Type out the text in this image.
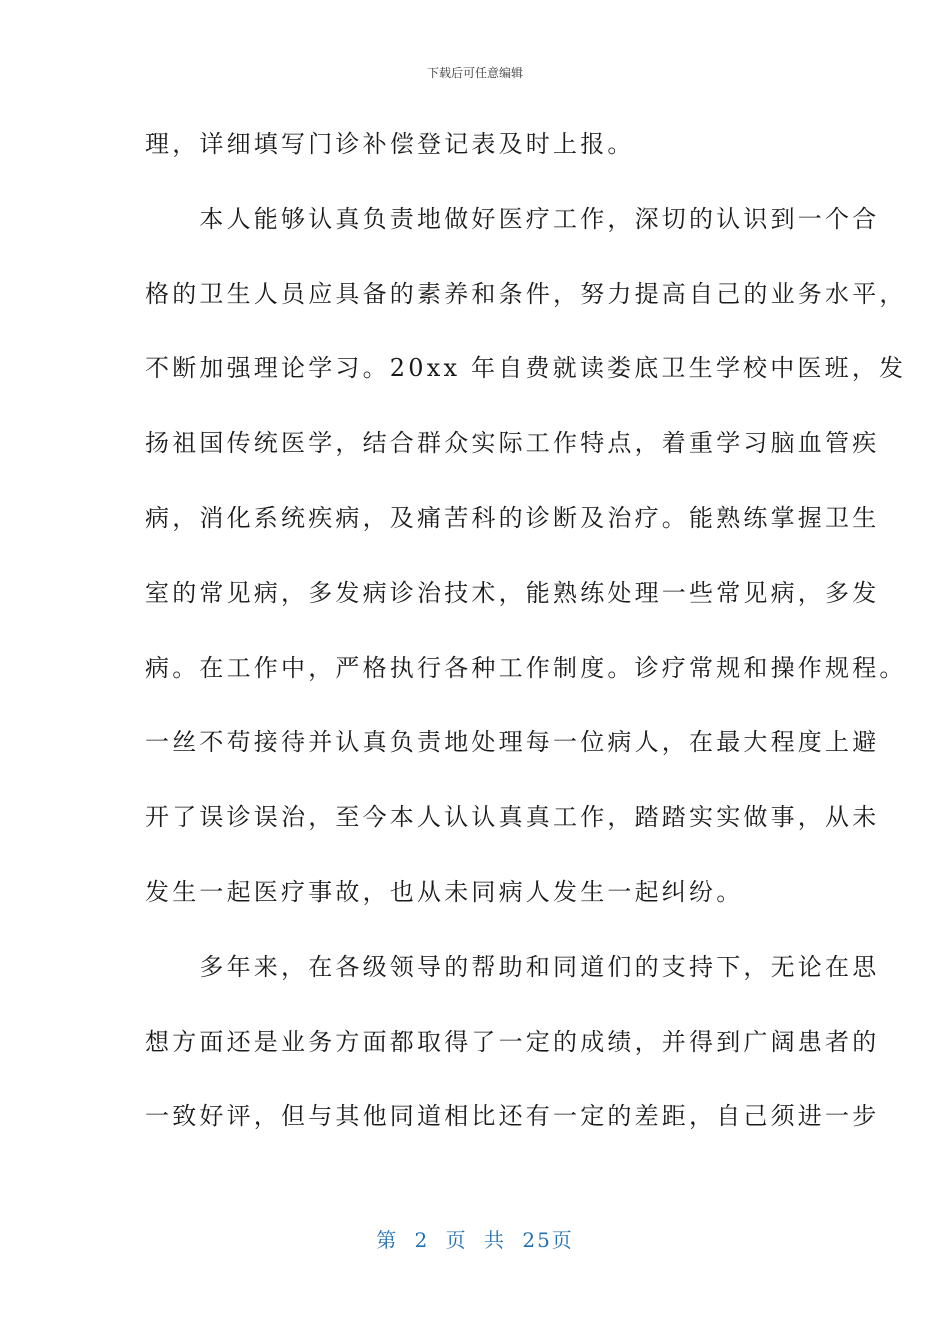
下载后可任意编辑
理，详细填写门诊补偿登记表及时上报。
　　本人能够认真负责地做好医疗工作，深切的认识到一个合
格的卫生人员应具备的素养和条件，努力提高自己的业务水平，
不断加强理论学习。20xx 年自费就读娄底卫生学校中医班，发
扬祖国传统医学，结合群众实际工作特点，着重学习脑血管疾
病，消化系统疾病，及痛苦科的诊断及治疗。能熟练掌握卫生
室的常见病，多发病诊治技术，能熟练处理一些常见病，多发
病。在工作中，严格执行各种工作制度。诊疗常规和操作规程。
一丝不苟接待并认真负责地处理每一位病人，在最大程度上避
开了误诊误治，至今本人认认真真工作，踏踏实实做事，从未
发生一起医疗事故，也从未同病人发生一起纠纷。
　　多年来，在各级领导的帮助和同道们的支持下，无论在思
想方面还是业务方面都取得了一定的成绩，并得到广阔患者的
一致好评，但与其他同道相比还有一定的差距，自己须进一步
第 2 页 共 25页
